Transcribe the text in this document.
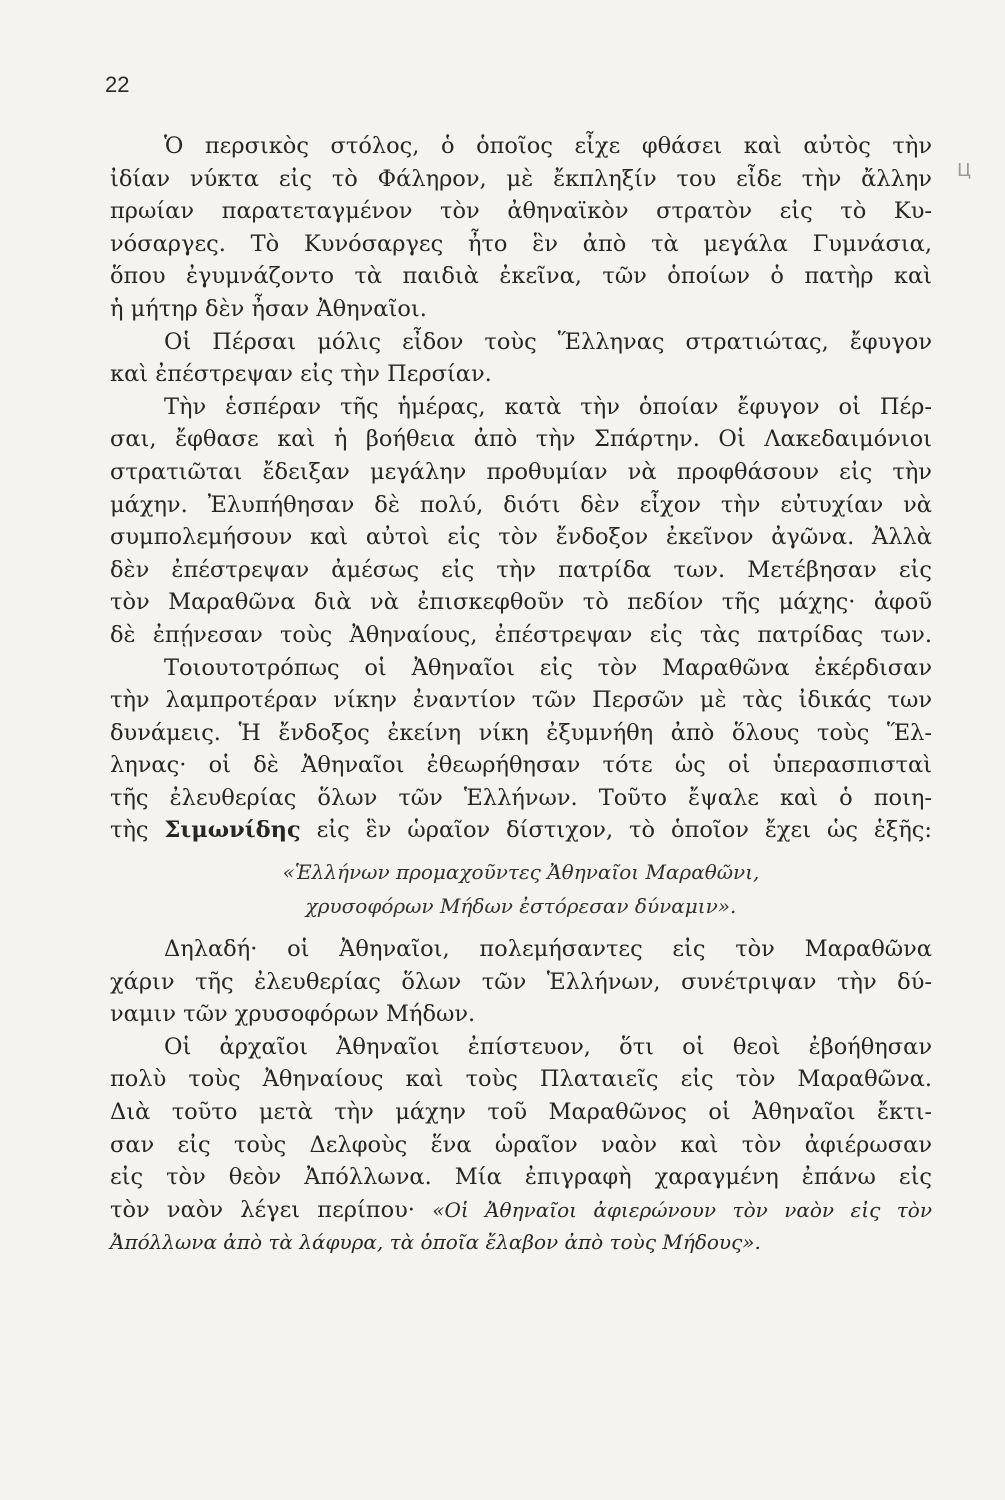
22
Ц

Ὁ περσικὸς στόλος, ὁ ὁποῖος εἶχε φθάσει καὶ αὐτὸς τὴν
ἰδίαν νύκτα εἰς τὸ Φάληρον, μὲ ἔκπληξίν του εἶδε τὴν ἄλλην
πρωίαν παρατεταγμένον τὸν ἀθηναϊκὸν στρατὸν εἰς τὸ Κυ-
νόσαργες. Τὸ Κυνόσαργες ἦτο ἓν ἀπὸ τὰ μεγάλα Γυμνάσια,
ὅπου ἐγυμνάζοντο τὰ παιδιὰ ἐκεῖνα, τῶν ὁποίων ὁ πατὴρ καὶ
ἡ μήτηρ δὲν ἦσαν Ἀθηναῖοι.

Οἱ Πέρσαι μόλις εἶδον τοὺς Ἕλληνας στρατιώτας, ἔφυγον
καὶ ἐπέστρεψαν εἰς τὴν Περσίαν.

Τὴν ἑσπέραν τῆς ἡμέρας, κατὰ τὴν ὁποίαν ἔφυγον οἱ Πέρ-
σαι, ἔφθασε καὶ ἡ βοήθεια ἀπὸ τὴν Σπάρτην. Οἱ Λακεδαιμόνιοι
στρατιῶται ἔδειξαν μεγάλην προθυμίαν νὰ προφθάσουν εἰς τὴν
μάχην. Ἐλυπήθησαν δὲ πολύ, διότι δὲν εἶχον τὴν εὐτυχίαν νὰ
συμπολεμήσουν καὶ αὐτοὶ εἰς τὸν ἔνδοξον ἐκεῖνον ἀγῶνα. Ἀλλὰ
δὲν ἐπέστρεψαν ἀμέσως εἰς τὴν πατρίδα των. Μετέβησαν εἰς
τὸν Μαραθῶνα διὰ νὰ ἐπισκεφθοῦν τὸ πεδίον τῆς μάχης· ἀφοῦ
δὲ ἐπῄνεσαν τοὺς Ἀθηναίους, ἐπέστρεψαν εἰς τὰς πατρίδας των.

Τοιουτοτρόπως οἱ Ἀθηναῖοι εἰς τὸν Μαραθῶνα ἐκέρδισαν
τὴν λαμπροτέραν νίκην ἐναντίον τῶν Περσῶν μὲ τὰς ἰδικάς των
δυνάμεις. Ἡ ἔνδοξος ἐκείνη νίκη ἐξυμνήθη ἀπὸ ὅλους τοὺς Ἕλ-
ληνας· οἱ δὲ Ἀθηναῖοι ἐθεωρήθησαν τότε ὡς οἱ ὑπερασπισταὶ
τῆς ἐλευθερίας ὅλων τῶν Ἑλλήνων. Τοῦτο ἔψαλε καὶ ὁ ποιη-
τὴς Σιμωνίδης εἰς ἓν ὡραῖον δίστιχον, τὸ ὁποῖον ἔχει ὡς ἑξῆς:

«Ἑλλήνων προμαχοῦντες Ἀθηναῖοι Μαραθῶνι,
χρυσοφόρων Μήδων ἐστόρεσαν δύναμιν».

Δηλαδή· οἱ Ἀθηναῖοι, πολεμήσαντες εἰς τὸν Μαραθῶνα
χάριν τῆς ἐλευθερίας ὅλων τῶν Ἑλλήνων, συνέτριψαν τὴν δύ-
ναμιν τῶν χρυσοφόρων Μήδων.

Οἱ ἀρχαῖοι Ἀθηναῖοι ἐπίστευον, ὅτι οἱ θεοὶ ἐβοήθησαν
πολὺ τοὺς Ἀθηναίους καὶ τοὺς Πλαταιεῖς εἰς τὸν Μαραθῶνα.
Διὰ τοῦτο μετὰ τὴν μάχην τοῦ Μαραθῶνος οἱ Ἀθηναῖοι ἔκτι-
σαν εἰς τοὺς Δελφοὺς ἕνα ὡραῖον ναὸν καὶ τὸν ἀφιέρωσαν
εἰς τὸν θεὸν Ἀπόλλωνα. Μία ἐπιγραφὴ χαραγμένη ἐπάνω εἰς
τὸν ναὸν λέγει περίπου· «Οἱ Ἀθηναῖοι ἀφιερώνουν τὸν ναὸν εἰς τὸν
Ἀπόλλωνα ἀπὸ τὰ λάφυρα, τὰ ὁποῖα ἔλαβον ἀπὸ τοὺς Μήδους».
